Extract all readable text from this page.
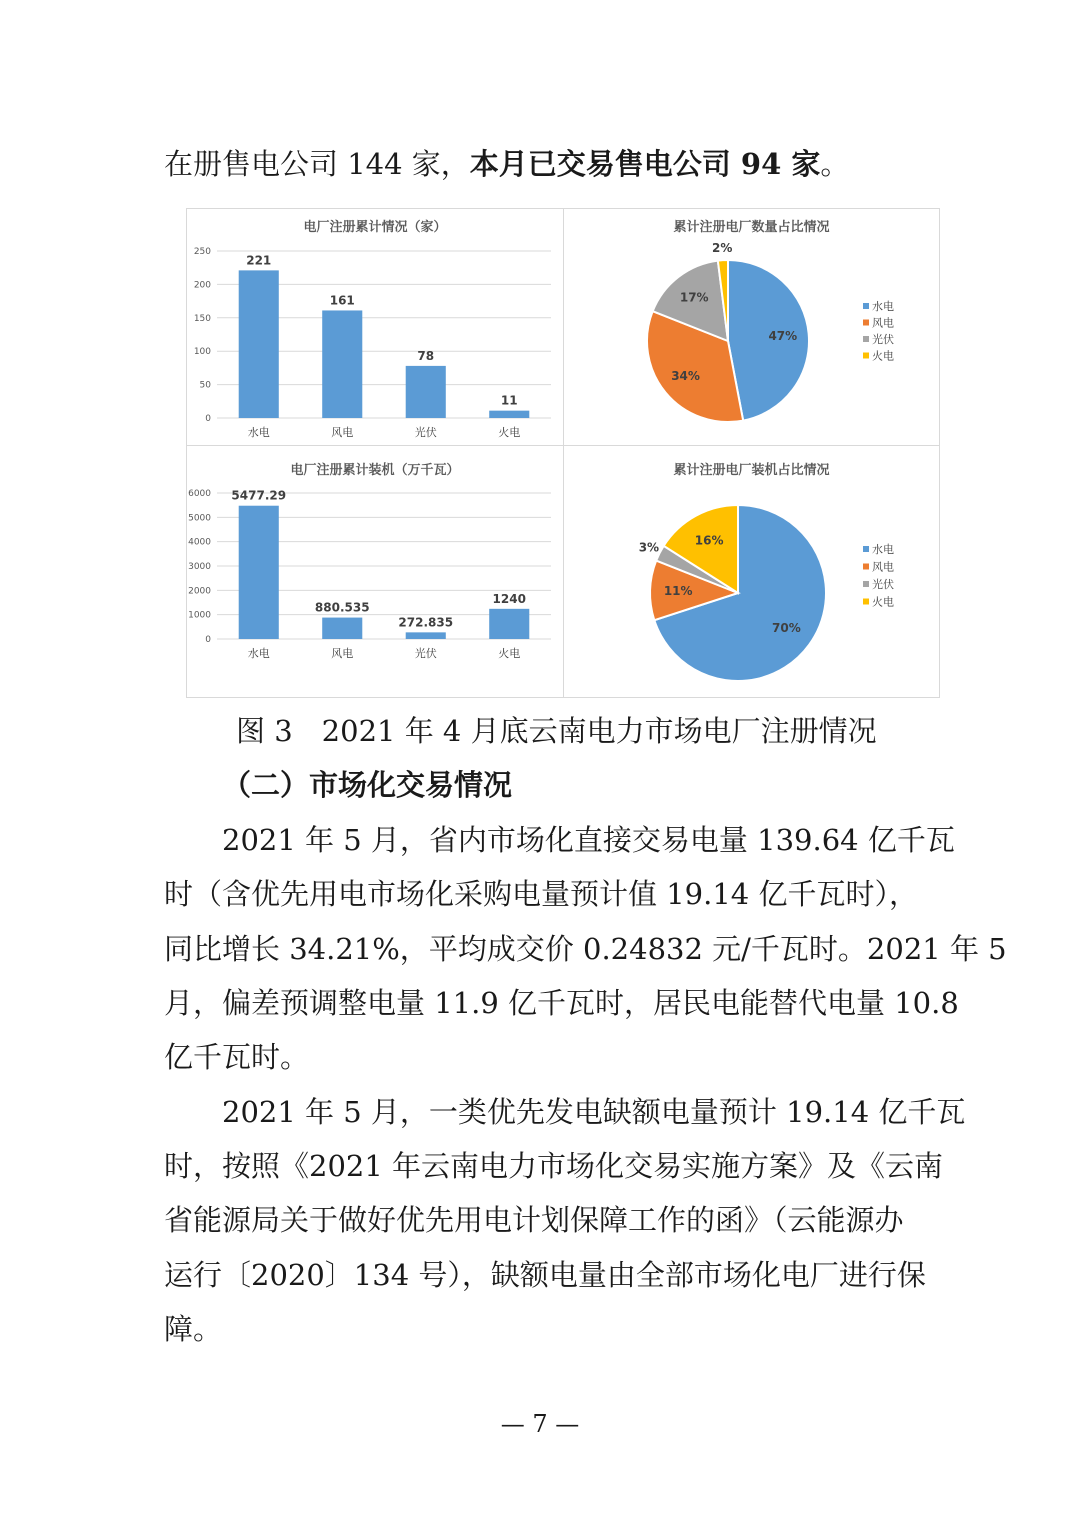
在册售电公司 144 家，本月已交易售电公司 94 家。
电厂注册累计情况（家）
0
50
100
150
200
250
221
水电
161
风电
78
光伏
11
火电
累计注册电厂数量占比情况
47%
34%
17%
2%
水电
风电
光伏
火电
电厂注册累计装机（万千瓦）
0
1000
2000
3000
4000
5000
6000 5477.29
水电
880.535
风电
272.835
光伏
1240
火电
累计注册电厂装机占比情况
70%
11%
3%
16%
水电
风电
光伏
火电
图 3　2021 年 4 月底云南电力市场电厂注册情况
（二）市场化交易情况
2021 年 5 月，省内市场化直接交易电量 139.64 亿千瓦
时（含优先用电市场化采购电量预计值 19.14 亿千瓦时），
同比增长 34.21%，平均成交价 0.24832 元/千瓦时。2021 年 5
月，偏差预调整电量 11.9 亿千瓦时，居民电能替代电量 10.8
亿千瓦时。
2021 年 5 月，一类优先发电缺额电量预计 19.14 亿千瓦
时，按照《2021 年云南电力市场化交易实施方案》及《云南
省能源局关于做好优先用电计划保障工作的函》（云能源办
运行〔2020〕134 号），缺额电量由全部市场化电厂进行保
障。
— 7 —
